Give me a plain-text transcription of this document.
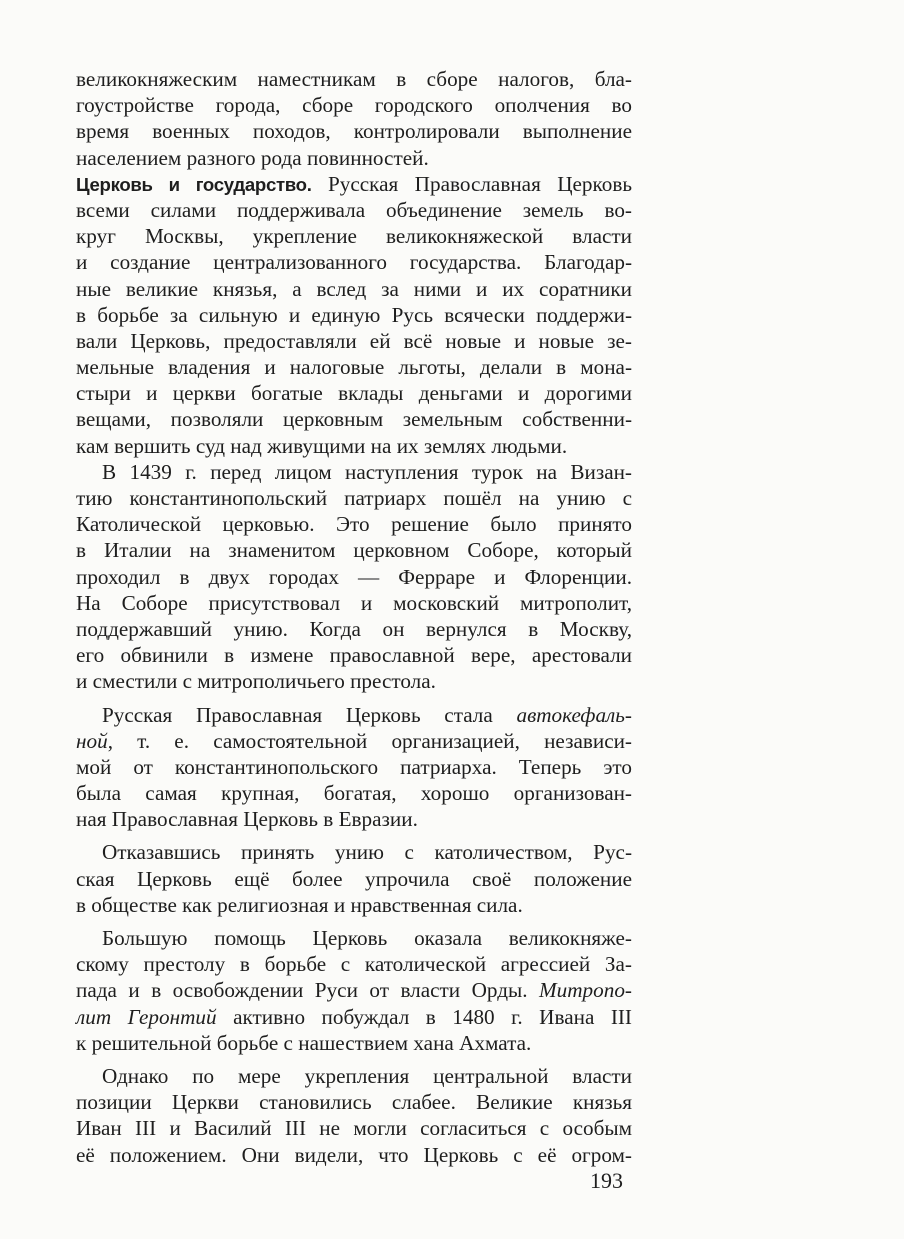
великокняжеским наместникам в сборе налогов, бла-
гоустройстве города, сборе городского ополчения во
время военных походов, контролировали выполнение
населением разного рода повинностей.
Церковь и государство. Русская Православная Церковь
всеми силами поддерживала объединение земель во-
круг Москвы, укрепление великокняжеской власти
и создание централизованного государства. Благодар-
ные великие князья, а вслед за ними и их соратники
в борьбе за сильную и единую Русь всячески поддержи-
вали Церковь, предоставляли ей всё новые и новые зе-
мельные владения и налоговые льготы, делали в мона-
стыри и церкви богатые вклады деньгами и дорогими
вещами, позволяли церковным земельным собственни-
кам вершить суд над живущими на их землях людьми.
В 1439 г. перед лицом наступления турок на Визан-
тию константинопольский патриарх пошёл на унию с
Католической церковью. Это решение было принято
в Италии на знаменитом церковном Соборе, который
проходил в двух городах — Ферраре и Флоренции.
На Соборе присутствовал и московский митрополит,
поддержавший унию. Когда он вернулся в Москву,
его обвинили в измене православной вере, арестовали
и сместили с митрополичьего престола.
Русская Православная Церковь стала автокефаль-
ной, т. е. самостоятельной организацией, независи-
мой от константинопольского патриарха. Теперь это
была самая крупная, богатая, хорошо организован-
ная Православная Церковь в Евразии.
Отказавшись принять унию с католичеством, Рус-
ская Церковь ещё более упрочила своё положение
в обществе как религиозная и нравственная сила.
Большую помощь Церковь оказала великокняже-
скому престолу в борьбе с католической агрессией За-
пада и в освобождении Руси от власти Орды. Митропо-
лит Геронтий активно побуждал в 1480 г. Ивана III
к решительной борьбе с нашествием хана Ахмата.
Однако по мере укрепления центральной власти
позиции Церкви становились слабее. Великие князья
Иван III и Василий III не могли согласиться с особым
её положением. Они видели, что Церковь с её огром-
193
